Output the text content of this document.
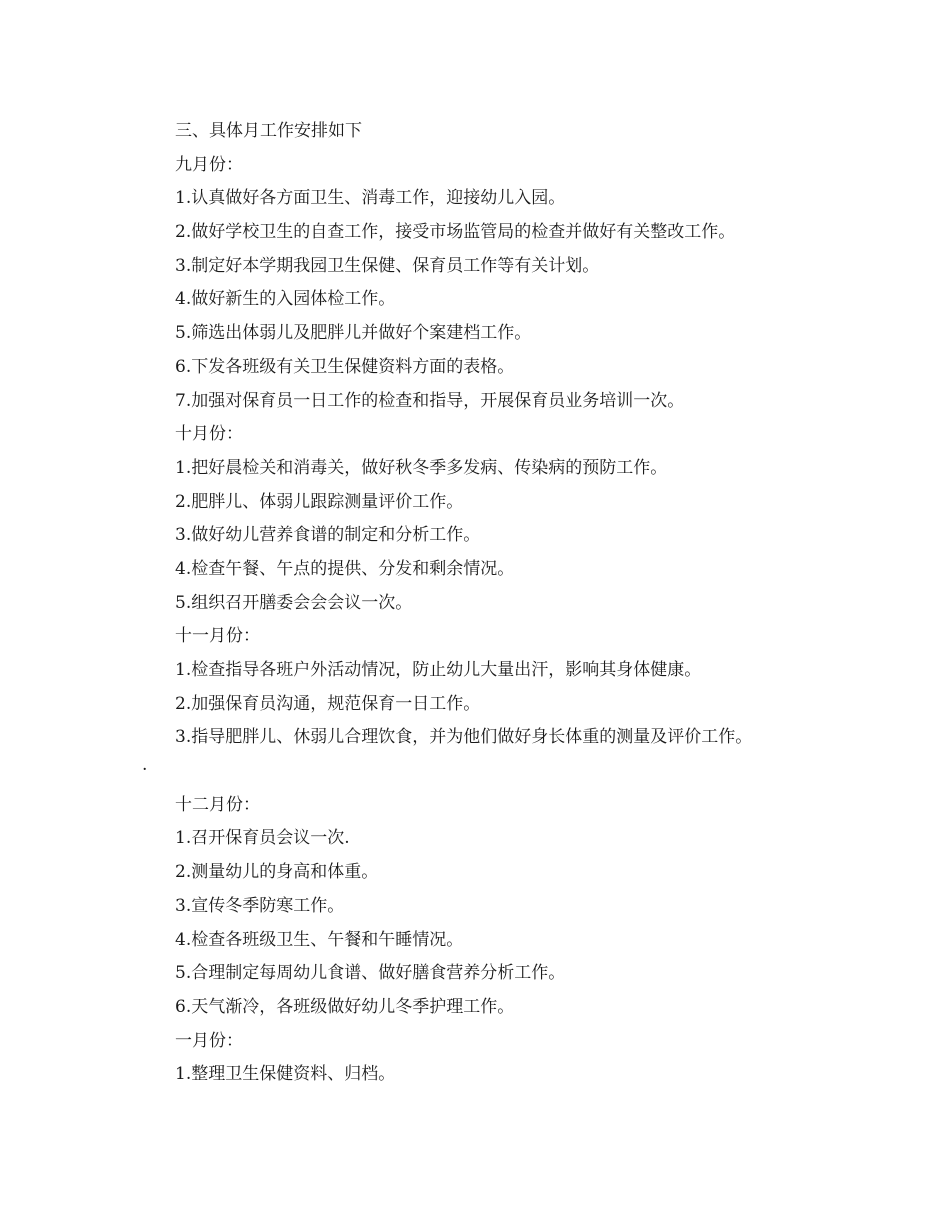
三、具体月工作安排如下
九月份：
1.认真做好各方面卫生、消毒工作，迎接幼儿入园。
2.做好学校卫生的自查工作，接受市场监管局的检查并做好有关整改工作。
3.制定好本学期我园卫生保健、保育员工作等有关计划。
4.做好新生的入园体检工作。
5.筛选出体弱儿及肥胖儿并做好个案建档工作。
6.下发各班级有关卫生保健资料方面的表格。
7.加强对保育员一日工作的检查和指导，开展保育员业务培训一次。
十月份：
1.把好晨检关和消毒关，做好秋冬季多发病、传染病的预防工作。
2.肥胖儿、体弱儿跟踪测量评价工作。
3.做好幼儿营养食谱的制定和分析工作。
4.检查午餐、午点的提供、分发和剩余情况。
5.组织召开膳委会会会议一次。
十一月份：
1.检查指导各班户外活动情况，防止幼儿大量出汗，影响其身体健康。
2.加强保育员沟通，规范保育一日工作。
3.指导肥胖儿、休弱儿合理饮食，并为他们做好身长体重的测量及评价工作。
.
十二月份：
1.召开保育员会议一次.
2.测量幼儿的身高和体重。
3.宣传冬季防寒工作。
4.检查各班级卫生、午餐和午睡情况。
5.合理制定每周幼儿食谱、做好膳食营养分析工作。
6.天气渐冷，各班级做好幼儿冬季护理工作。
一月份：
1.整理卫生保健资料、归档。
